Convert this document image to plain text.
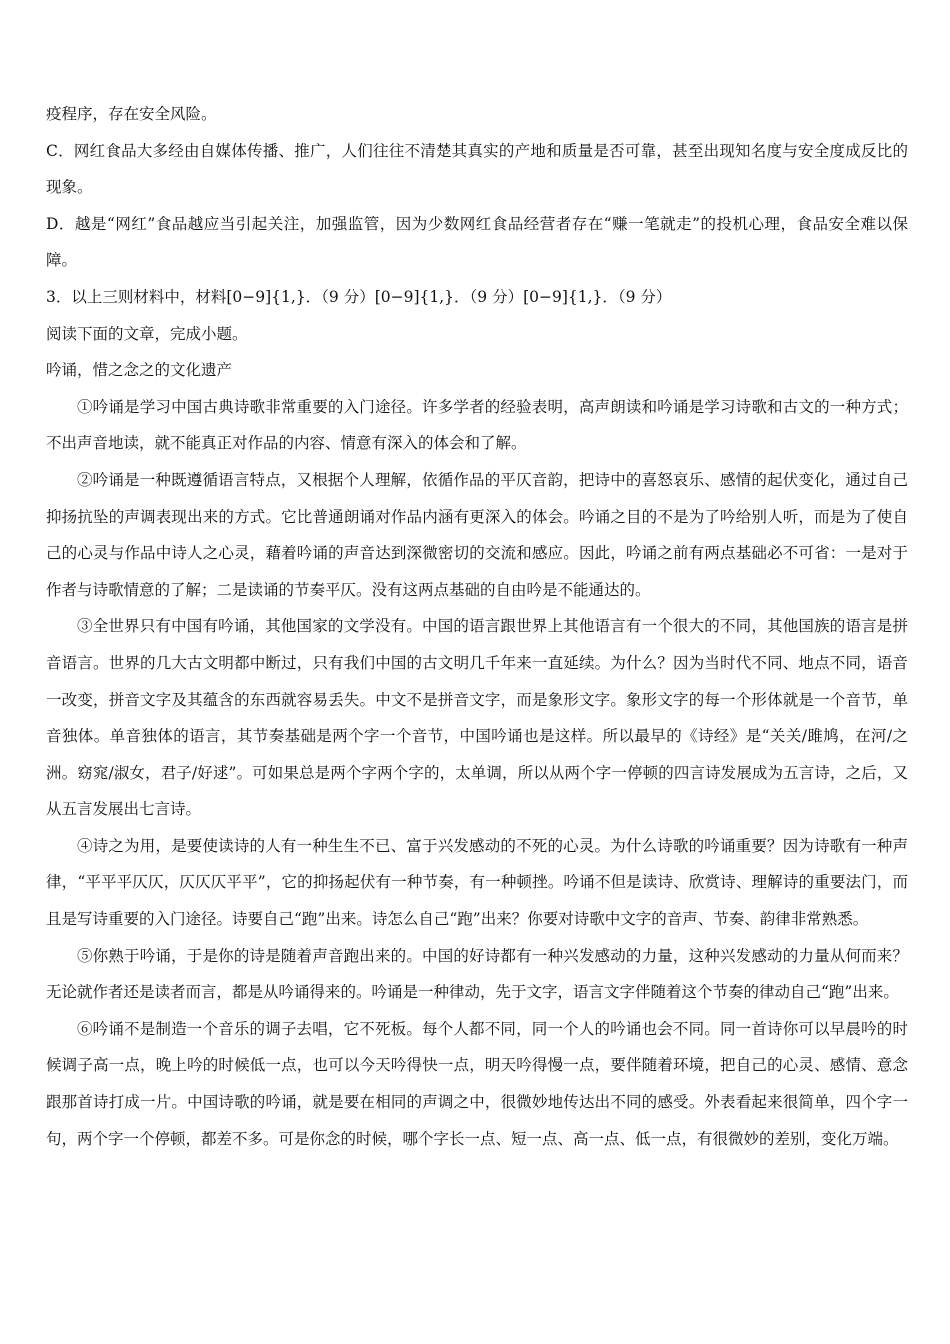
疫程序，存在安全风险。

C．网红食品大多经由自媒体传播、推广，人们往往不清楚其真实的产地和质量是否可靠，甚至出现知名度与安全度成反比的现象。

D．越是“网红”食品越应当引起关注，加强监管，因为少数网红食品经营者存在“赚一笔就走”的投机心理，食品安全难以保障。

3．以上三则材料中，材料[0−9]{1,}．（9 分）[0−9]{1,}．（9 分）[0−9]{1,}．（9 分）

阅读下面的文章，完成小题。

吟诵，惜之念之的文化遗产

①吟诵是学习中国古典诗歌非常重要的入门途径。许多学者的经验表明，高声朗读和吟诵是学习诗歌和古文的一种方式；不出声音地读，就不能真正对作品的内容、情意有深入的体会和了解。

②吟诵是一种既遵循语言特点，又根据个人理解，依循作品的平仄音韵，把诗中的喜怒哀乐、感情的起伏变化，通过自己抑扬抗坠的声调表现出来的方式。它比普通朗诵对作品内涵有更深入的体会。吟诵之目的不是为了吟给别人听，而是为了使自己的心灵与作品中诗人之心灵，藉着吟诵的声音达到深微密切的交流和感应。因此，吟诵之前有两点基础必不可省：一是对于作者与诗歌情意的了解；二是读诵的节奏平仄。没有这两点基础的自由吟是不能通达的。

③全世界只有中国有吟诵，其他国家的文学没有。中国的语言跟世界上其他语言有一个很大的不同，其他国族的语言是拼音语言。世界的几大古文明都中断过，只有我们中国的古文明几千年来一直延续。为什么？因为当时代不同、地点不同，语音一改变，拼音文字及其蕴含的东西就容易丢失。中文不是拼音文字，而是象形文字。象形文字的每一个形体就是一个音节，单音独体。单音独体的语言，其节奏基础是两个字一个音节，中国吟诵也是这样。所以最早的《诗经》是“关关/雎鸠，在河/之洲。窈窕/淑女，君子/好逑”。可如果总是两个字两个字的，太单调，所以从两个字一停顿的四言诗发展成为五言诗，之后，又从五言发展出七言诗。

④诗之为用，是要使读诗的人有一种生生不已、富于兴发感动的不死的心灵。为什么诗歌的吟诵重要？因为诗歌有一种声律，“平平平仄仄，仄仄仄平平”，它的抑扬起伏有一种节奏，有一种顿挫。吟诵不但是读诗、欣赏诗、理解诗的重要法门，而且是写诗重要的入门途径。诗要自己“跑”出来。诗怎么自己“跑”出来？你要对诗歌中文字的音声、节奏、韵律非常熟悉。

⑤你熟于吟诵，于是你的诗是随着声音跑出来的。中国的好诗都有一种兴发感动的力量，这种兴发感动的力量从何而来？无论就作者还是读者而言，都是从吟诵得来的。吟诵是一种律动，先于文字，语言文字伴随着这个节奏的律动自己“跑”出来。

⑥吟诵不是制造一个音乐的调子去唱，它不死板。每个人都不同，同一个人的吟诵也会不同。同一首诗你可以早晨吟的时候调子高一点，晚上吟的时候低一点，也可以今天吟得快一点，明天吟得慢一点，要伴随着环境，把自己的心灵、感情、意念跟那首诗打成一片。中国诗歌的吟诵，就是要在相同的声调之中，很微妙地传达出不同的感受。外表看起来很简单，四个字一句，两个字一个停顿，都差不多。可是你念的时候，哪个字长一点、短一点、高一点、低一点，有很微妙的差别，变化万端。
